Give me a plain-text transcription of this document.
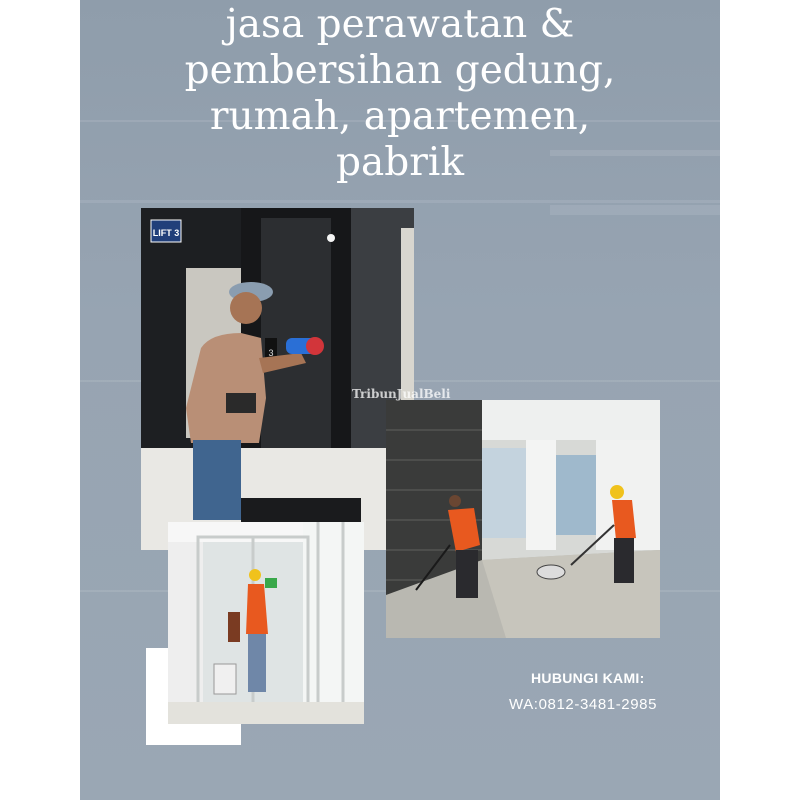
jasa perawatan &
pembersihan gedung,
rumah, apartemen,
pabrik
LIFT 3
3
TribunJualBeli
HUBUNGI KAMI:
WA:0812-3481-2985
